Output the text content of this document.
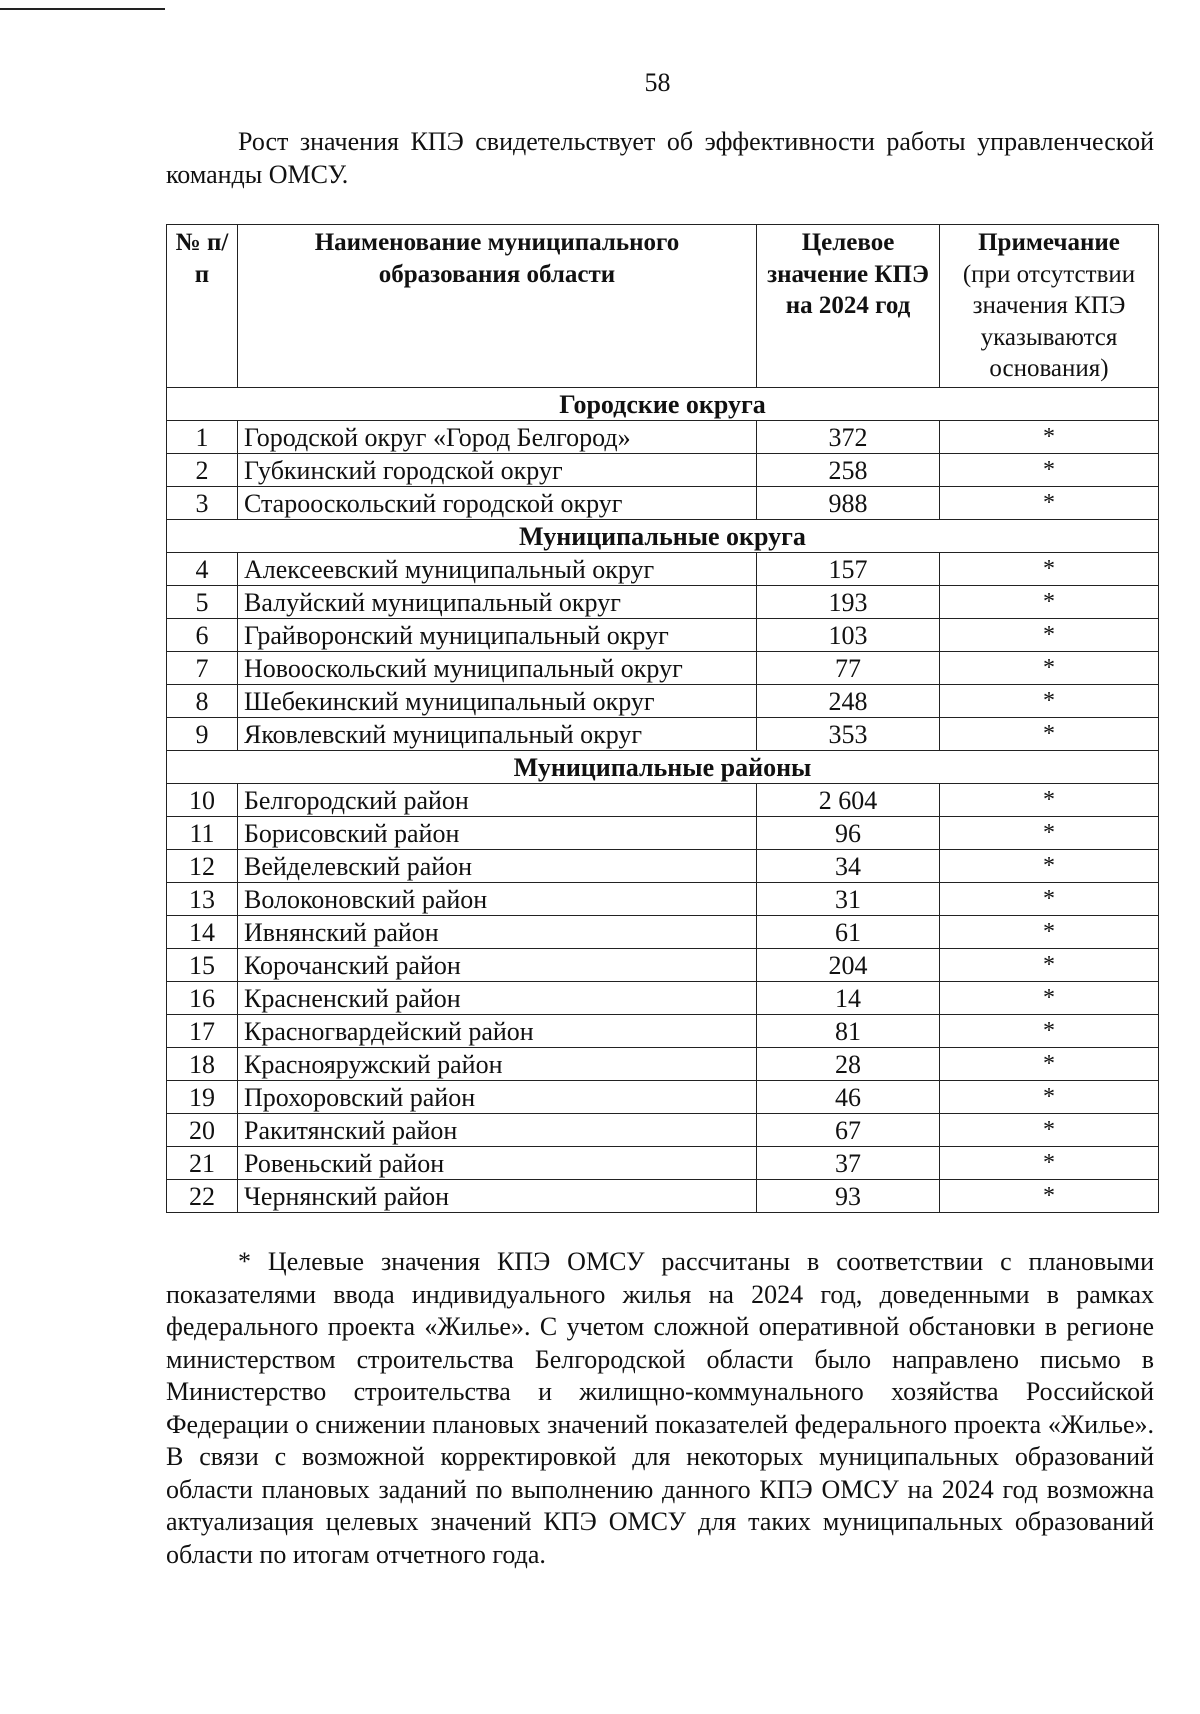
58

Рост значения КПЭ свидетельствует об эффективности работы управленческой команды ОМСУ.

№ п/п	Наименование муниципального образования области	Целевое значение КПЭ на 2024 год	Примечание
(при отсутствии значения КПЭ указываются основания)

Городские округа			
1	Городской округ «Город Белгород»	372	*
2	Губкинский городской округ	258	*
3	Старооскольский городской округ	988	*
Муниципальные округа			
4	Алексеевский муниципальный округ	157	*
5	Валуйский муниципальный округ	193	*
6	Грайворонский муниципальный округ	103	*
7	Новооскольский муниципальный округ	77	*
8	Шебекинский муниципальный округ	248	*
9	Яковлевский муниципальный округ	353	*
Муниципальные районы			
10	Белгородский район	2 604	*
11	Борисовский район	96	*
12	Вейделевский район	34	*
13	Волоконовский район	31	*
14	Ивнянский район	61	*
15	Корочанский район	204	*
16	Красненский район	14	*
17	Красногвардейский район	81	*
18	Краснояружский район	28	*
19	Прохоровский район	46	*
20	Ракитянский район	67	*
21	Ровеньский район	37	*
22	Чернянский район	93	*

* Целевые значения КПЭ ОМСУ рассчитаны в соответствии с плановыми показателями ввода индивидуального жилья на 2024 год, доведенными в рамках федерального проекта «Жилье». С учетом сложной оперативной обстановки в регионе министерством строительства Белгородской области было направлено письмо в Министерство строительства и жилищно-коммунального хозяйства Российской Федерации о снижении плановых значений показателей федерального проекта «Жилье». В связи с возможной корректировкой для некоторых муниципальных образований области плановых заданий по выполнению данного КПЭ ОМСУ на 2024 год возможна актуализация целевых значений КПЭ ОМСУ для таких муниципальных образований области по итогам отчетного года.
